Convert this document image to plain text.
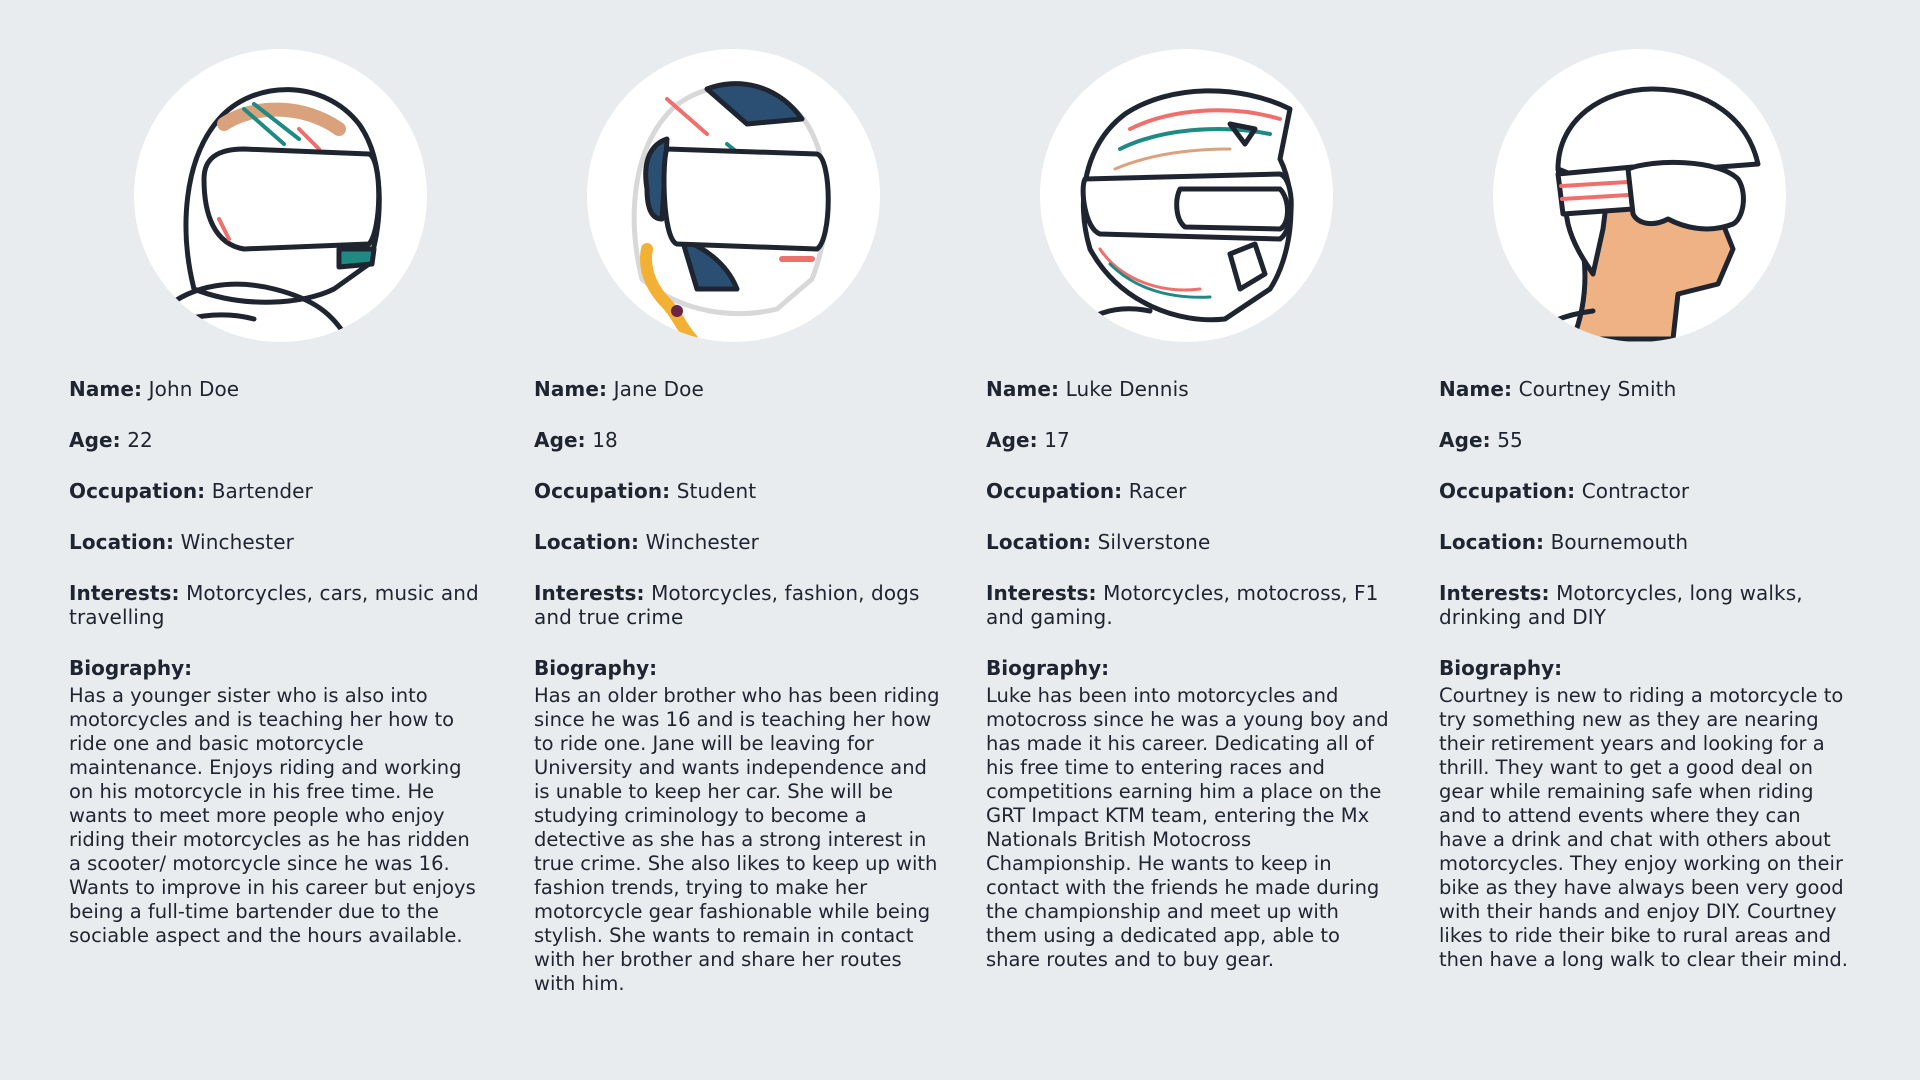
Name: John Doe
Age: 22
Occupation: Bartender
Location: Winchester
Interests: Motorcycles, cars, music and travelling
Biography:

Has a younger sister who is also into motorcycles and is teaching her how to ride one and basic motorcycle maintenance. Enjoys riding and working on his motorcycle in his free time. He wants to meet more people who enjoy riding their motorcycles as he has ridden a scooter/ motorcycle since he was 16. Wants to improve in his career but enjoys being a full-time bartender due to the sociable aspect and the hours available.

Name: Jane Doe
Age: 18
Occupation: Student
Location: Winchester
Interests: Motorcycles, fashion, dogs and true crime
Biography:

Has an older brother who has been riding since he was 16 and is teaching her how to ride one. Jane will be leaving for University and wants independence and is unable to keep her car. She will be studying criminology to become a detective as she has a strong interest in true crime. She also likes to keep up with fashion trends, trying to make her motorcycle gear fashionable while being stylish. She wants to remain in contact with her brother and share her routes with him.

Name: Luke Dennis
Age: 17
Occupation: Racer
Location: Silverstone
Interests: Motorcycles, motocross, F1 and gaming.
Biography:

Luke has been into motorcycles and motocross since he was a young boy and has made it his career. Dedicating all of his free time to entering races and competitions earning him a place on the GRT Impact KTM team, entering the Mx Nationals British Motocross Championship. He wants to keep in contact with the friends he made during the championship and meet up with them using a dedicated app, able to share routes and to buy gear.

Name: Courtney Smith
Age: 55
Occupation: Contractor
Location: Bournemouth
Interests: Motorcycles, long walks, drinking and DIY
Biography:

Courtney is new to riding a motorcycle to try something new as they are nearing their retirement years and looking for a thrill. They want to get a good deal on gear while remaining safe when riding and to attend events where they can have a drink and chat with others about motorcycles. They enjoy working on their bike as they have always been very good with their hands and enjoy DIY. Courtney likes to ride their bike to rural areas and then have a long walk to clear their mind.
